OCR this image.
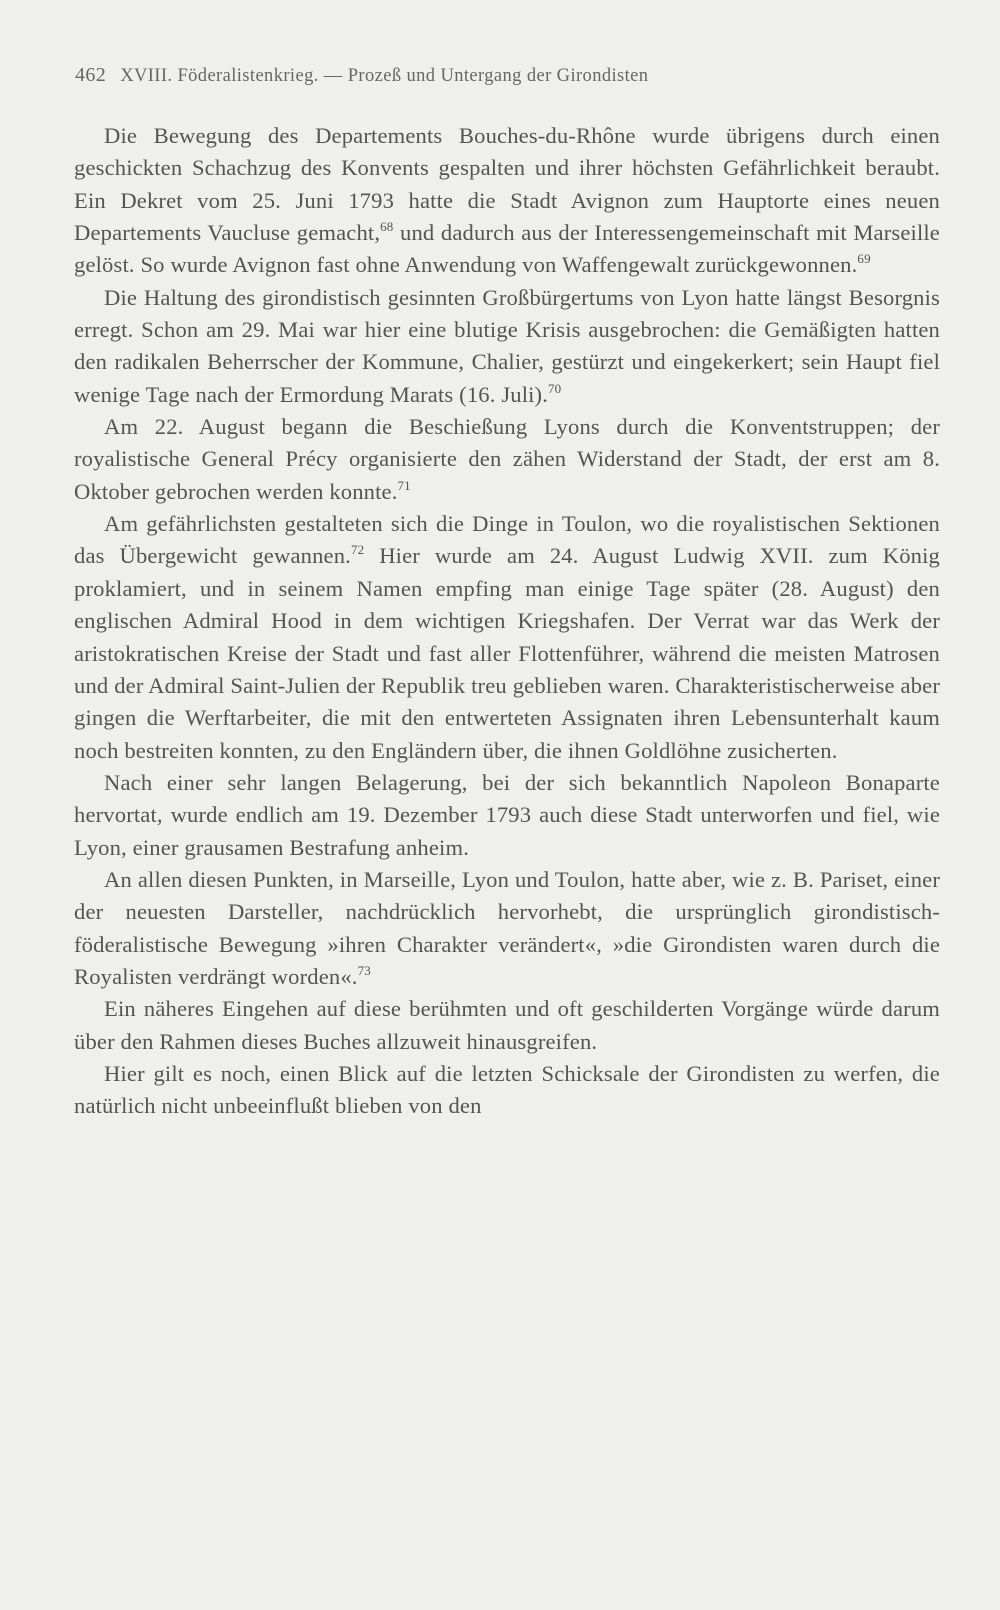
462 XVIII. Föderalistenkrieg. — Prozeß und Untergang der Girondisten

Die Bewegung des Departements Bouches-du-Rhône wurde übrigens durch einen geschickten Schachzug des Konvents gespalten und ihrer höchsten Gefährlichkeit beraubt. Ein Dekret vom 25. Juni 1793 hatte die Stadt Avignon zum Hauptorte eines neuen Departements Vaucluse gemacht,$^{68}$ und dadurch aus der Interessengemeinschaft mit Marseille gelöst. So wurde Avignon fast ohne Anwendung von Waffengewalt zurückgewonnen.$^{69}$

Die Haltung des girondistisch gesinnten Großbürgertums von Lyon hatte längst Besorgnis erregt. Schon am 29. Mai war hier eine blutige Krisis ausgebrochen: die Gemäßigten hatten den radikalen Beherrscher der Kommune, Chalier, gestürzt und eingekerkert; sein Haupt fiel wenige Tage nach der Ermordung Marats (16. Juli).$^{70}$

Am 22. August begann die Beschießung Lyons durch die Konventstruppen; der royalistische General Précy organisierte den zähen Widerstand der Stadt, der erst am 8. Oktober gebrochen werden konnte.$^{71}$

Am gefährlichsten gestalteten sich die Dinge in Toulon, wo die royalistischen Sektionen das Übergewicht gewannen.$^{72}$ Hier wurde am 24. August Ludwig XVII. zum König proklamiert, und in seinem Namen empfing man einige Tage später (28. August) den englischen Admiral Hood in dem wichtigen Kriegshafen. Der Verrat war das Werk der aristokratischen Kreise der Stadt und fast aller Flottenführer, während die meisten Matrosen und der Admiral Saint-Julien der Republik treu geblieben waren. Charakteristischerweise aber gingen die Werftarbeiter, die mit den entwerteten Assignaten ihren Lebensunterhalt kaum noch bestreiten konnten, zu den Engländern über, die ihnen Goldlöhne zusicherten.

Nach einer sehr langen Belagerung, bei der sich bekanntlich Napoleon Bonaparte hervortat, wurde endlich am 19. Dezember 1793 auch diese Stadt unterworfen und fiel, wie Lyon, einer grausamen Bestrafung anheim.

An allen diesen Punkten, in Marseille, Lyon und Toulon, hatte aber, wie z. B. Pariset, einer der neuesten Darsteller, nachdrücklich hervorhebt, die ursprünglich girondistisch-föderalistische Bewegung »ihren Charakter verändert«, »die Girondisten waren durch die Royalisten verdrängt worden«.$^{73}$

Ein näheres Eingehen auf diese berühmten und oft geschilderten Vorgänge würde darum über den Rahmen dieses Buches allzuweit hinausgreifen.

Hier gilt es noch, einen Blick auf die letzten Schicksale der Girondisten zu werfen, die natürlich nicht unbeeinflußt blieben von den
